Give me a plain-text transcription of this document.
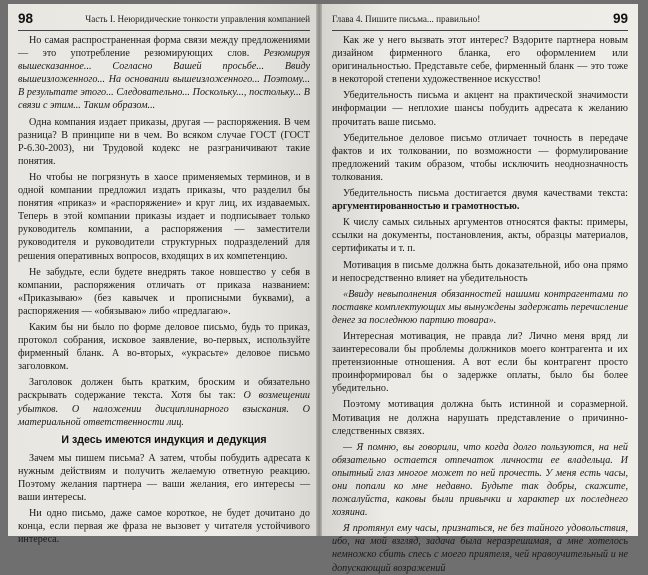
98	Часть I. Неюридические тонкости управления компанией

Но самая распространенная форма связи между предложениями — это употребление резюмирующих слов. Резюмируя вышесказанное... Согласно Вашей просьбе... Ввиду вышеизложенного... На основании вышеизложенного... Поэтому... В результате этого... Следовательно... Поскольку..., постольку... В связи с этим... Таким образом...

Одна компания издает приказы, другая — распоряжения. В чем разница? В принципе ни в чем. Во всяком случае ГОСТ (ГОСТ Р-6.30-2003), ни Трудовой кодекс не разграничивают такие понятия.

Но чтобы не погрязнуть в хаосе применяемых терминов, и в одной компании предложил издать приказы, что разделил бы понятия «приказ» и «распоряжение» и круг лиц, их издаваемых. Теперь в этой компании приказы издает и подписывает только руководитель компании, а распоряжения — заместители руководителя и руководители структурных подразделений для решения оперативных вопросов, входящих в их компетенцию.

Не забудьте, если будете внедрять такое новшество у себя в компании, распоряжения отличать от приказа названием: «Приказываю» (без кавычек и прописными буквами), а распоряжения — «обязываю» либо «предлагаю».

Каким бы ни было по форме деловое письмо, будь то приказ, протокол собрания, исковое заявление, во-первых, используйте фирменный бланк. А во-вторых, «украсьте» деловое письмо заголовком.

Заголовок должен быть кратким, броским и обязательно раскрывать содержание текста. Хотя бы так: О возмещении убытков. О наложении дисциплинарного взыскания. О материальной ответственности лиц.

И здесь имеются индукция и дедукция

Зачем мы пишем письма? А затем, чтобы побудить адресата к нужным действиям и получить желаемую ответную реакцию. Поэтому желания партнера — ваши желания, его интересы — ваши интересы.

Ни одно письмо, даже самое короткое, не будет дочитано до конца, если первая же фраза не вызовет у читателя устойчивого интереса.

Глава 4. Пишите письма... правильно!	99

Как же у него вызвать этот интерес? Вздорите партнера новым дизайном фирменного бланка, его оформлением или оригинальностью. Представьте себе, фирменный бланк — это тоже в некоторой степени художественное искусство!

Убедительность письма и акцент на практической значимости информации — неплохие шансы побудить адресата к желанию прочитать ваше письмо.

Убедительное деловое письмо отличает точность в передаче фактов и их толковании, по возможности — формулирование предложений таким образом, чтобы исключить неоднозначность толкования.

Убедительность письма достигается двумя качествами текста: аргументированностью и грамотностью.

К числу самых сильных аргументов относятся факты: примеры, ссылки на документы, постановления, акты, образцы материалов, сертификаты и т. п.

Мотивация в письме должна быть доказательной, ибо она прямо и непосредственно влияет на убедительность

«Ввиду невыполнения обязанностей нашими контрагентами по поставке комплектующих мы вынуждены задержать перечисление денег за последнюю партию товара».

Интересная мотивация, не правда ли? Лично меня вряд ли заинтересовали бы проблемы должников моего контрагента и их претензионные отношения. А вот если бы контрагент просто проинформировал бы о задержке оплаты, было бы более убедительно.

Поэтому мотивация должна быть истинной и соразмерной. Мотивация не должна нарушать представление о причинно-следственных связях.

— Я помню, вы говорили, что когда долго пользуются, на ней обязательно остается отпечаток личности ее владельца. И опытный глаз многое может по ней прочесть. У меня есть часы, они попали ко мне недавно. Будьте так добры, скажите, пожалуйста, каковы были привычки и характер их последнего хозяина.

Я протянул ему часы, признаться, не без тайного удовольствия, ибо, на мой взгляд, задача была неразрешимая, а мне хотелось немножко сбить спесь с моего приятеля, чей нравоучительный и не допускающий возражений
